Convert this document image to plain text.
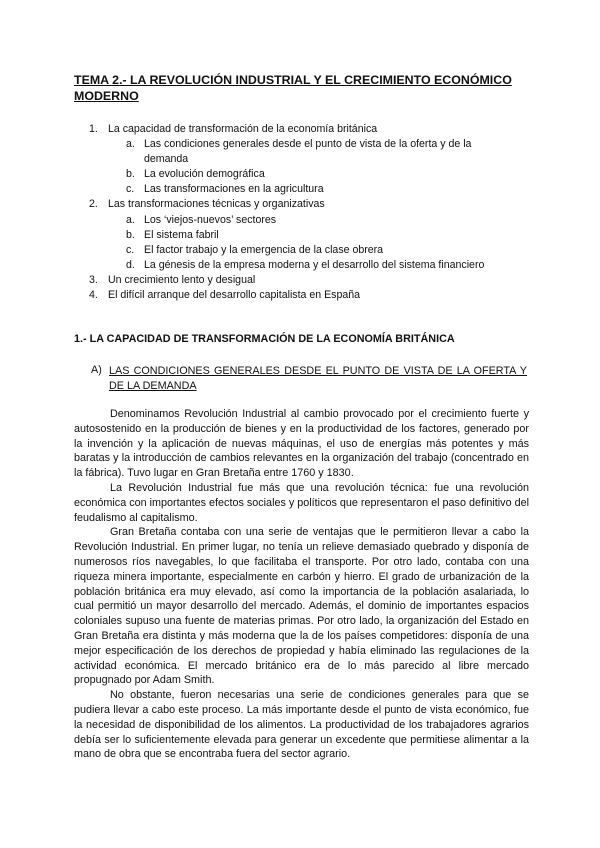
TEMA 2.- LA REVOLUCIÓN INDUSTRIAL Y EL CRECIMIENTO ECONÓMICO MODERNO
1. La capacidad de transformación de la economía británica
a. Las condiciones generales desde el punto de vista de la oferta y de la demanda
b. La evolución demográfica
c. Las transformaciones en la agricultura
2. Las transformaciones técnicas y organizativas
a. Los ‘viejos-nuevos’ sectores
b. El sistema fabril
c. El factor trabajo y la emergencia de la clase obrera
d. La génesis de la empresa moderna y el desarrollo del sistema financiero
3. Un crecimiento lento y desigual
4. El difícil arranque del desarrollo capitalista en España
1.- LA CAPACIDAD DE TRANSFORMACIÓN DE LA ECONOMÍA BRITÁNICA
A) LAS CONDICIONES GENERALES DESDE EL PUNTO DE VISTA DE LA OFERTA Y DE LA DEMANDA

Denominamos Revolución Industrial al cambio provocado por el crecimiento fuerte y autosostenido en la producción de bienes y en la productividad de los factores, generado por la invención y la aplicación de nuevas máquinas, el uso de energías más potentes y más baratas y la introducción de cambios relevantes en la organización del trabajo (concentrado en la fábrica). Tuvo lugar en Gran Bretaña entre 1760 y 1830.

La Revolución Industrial fue más que una revolución técnica: fue una revolución económica con importantes efectos sociales y políticos que representaron el paso definitivo del feudalismo al capitalismo.

Gran Bretaña contaba con una serie de ventajas que le permitieron llevar a cabo la Revolución Industrial. En primer lugar, no tenía un relieve demasiado quebrado y disponía de numerosos ríos navegables, lo que facilitaba el transporte. Por otro lado, contaba con una riqueza minera importante, especialmente en carbón y hierro. El grado de urbanización de la población británica era muy elevado, así como la importancia de la población asalariada, lo cual permitió un mayor desarrollo del mercado. Además, el dominio de importantes espacios coloniales supuso una fuente de materias primas. Por otro lado, la organización del Estado en Gran Bretaña era distinta y más moderna que la de los países competidores: disponía de una mejor especificación de los derechos de propiedad y había eliminado las regulaciones de la actividad económica. El mercado británico era de lo más parecido al libre mercado propugnado por Adam Smith.

No obstante, fueron necesarias una serie de condiciones generales para que se pudiera llevar a cabo este proceso. La más importante desde el punto de vista económico, fue la necesidad de disponibilidad de los alimentos. La productividad de los trabajadores agrarios debía ser lo suficientemente elevada para generar un excedente que permitiese alimentar a la mano de obra que se encontraba fuera del sector agrario.
